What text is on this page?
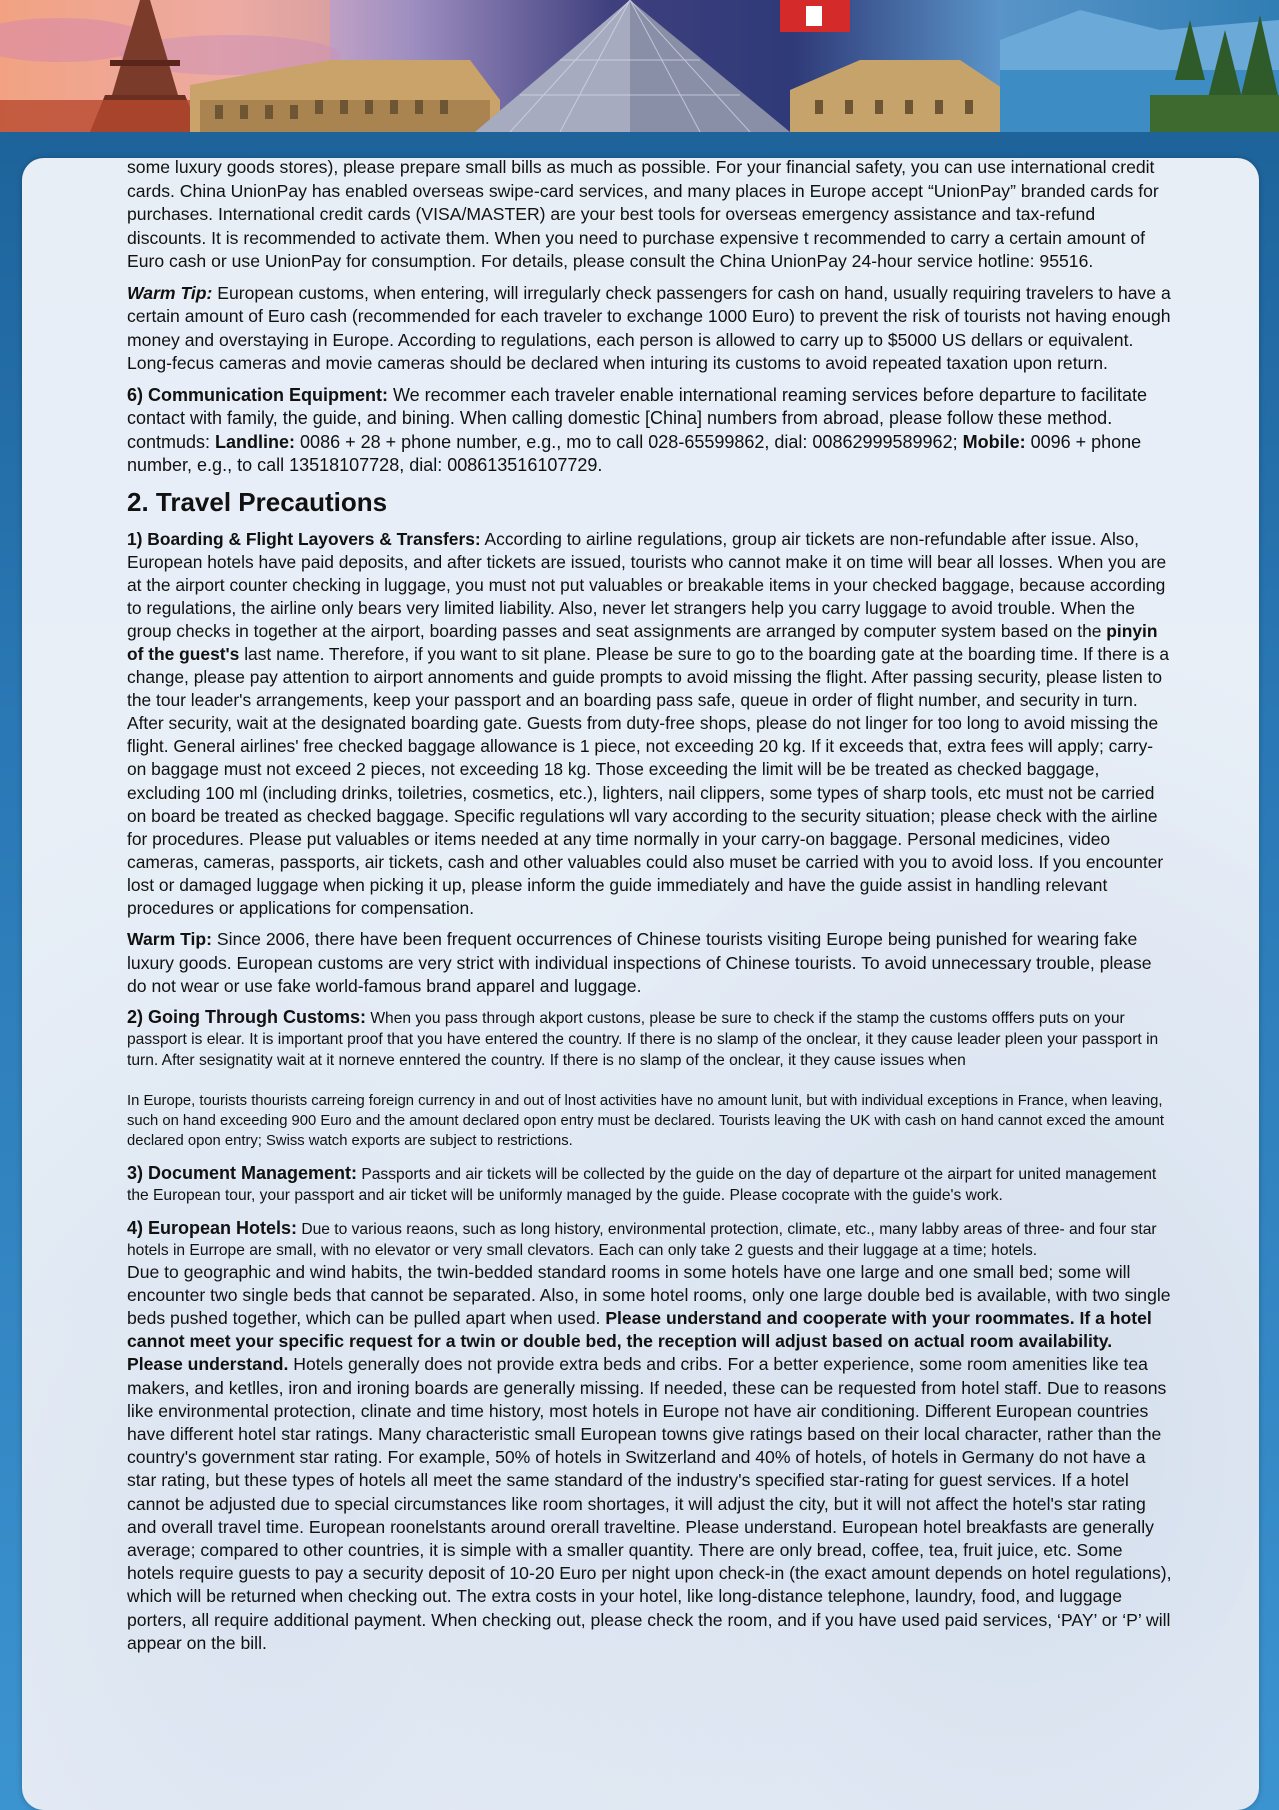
some luxury goods stores), please prepare small bills as much as possible. For your financial safety, you can use international credit cards. China UnionPay has enabled overseas swipe-card services, and many places in Europe accept “UnionPay” branded cards for purchases. International credit cards (VISA/MASTER) are your best tools for overseas emergency assistance and tax-refund discounts. It is recommended to activate them. When you need to purchase expensive t recommended to carry a certain amount of Euro cash or use UnionPay for consumption. For details, please consult the China UnionPay 24-hour service hotline: 95516.

Warm Tip: European customs, when entering, will irregularly check passengers for cash on hand, usually requiring travelers to have a certain amount of Euro cash (recommended for each traveler to exchange 1000 Euro) to prevent the risk of tourists not having enough money and overstaying in Europe. According to regulations, each person is allowed to carry up to $5000 US dellars or equivalent. Long-fecus cameras and movie cameras should be declared when inturing its customs to avoid repeated taxation upon return.

6) Communication Equipment: We recommer each traveler enable international reaming services before departure to facilitate contact with family, the guide, and bining. When calling domestic [China] numbers from abroad, please follow these method. contmuds: Landline: 0086 + 28 + phone number, e.g., mo to call 028-65599862, dial: 00862999589962; Mobile: 0096 + phone number, e.g., to call 13518107728, dial: 008613516107729.

2. Travel Precautions

1) Boarding & Flight Layovers & Transfers: According to airline regulations, group air tickets are non-refundable after issue. Also, European hotels have paid deposits, and after tickets are issued, tourists who cannot make it on time will bear all losses. When you are at the airport counter checking in luggage, you must not put valuables or breakable items in your checked baggage, because according to regulations, the airline only bears very limited liability. Also, never let strangers help you carry luggage to avoid trouble. When the group checks in together at the airport, boarding passes and seat assignments are arranged by computer system based on the pinyin of the guest's last name. Therefore, if you want to sit plane. Please be sure to go to the boarding gate at the boarding time. If there is a change, please pay attention to airport annoments and guide prompts to avoid missing the flight. After passing security, please listen to the tour leader's arrangements, keep your passport and an boarding pass safe, queue in order of flight number, and security in turn. After security, wait at the designated boarding gate. Guests from duty-free shops, please do not linger for too long to avoid missing the flight. General airlines' free checked baggage allowance is 1 piece, not exceeding 20 kg. If it exceeds that, extra fees will apply; carry-on baggage must not exceed 2 pieces, not exceeding 18 kg. Those exceeding the limit will be be treated as checked baggage, excluding 100 ml (including drinks, toiletries, cosmetics, etc.), lighters, nail clippers, some types of sharp tools, etc must not be carried on board be treated as checked baggage. Specific regulations wll vary according to the security situation; please check with the airline for procedures. Please put valuables or items needed at any time normally in your carry-on baggage. Personal medicines, video cameras, cameras, passports, air tickets, cash and other valuables could also muset be carried with you to avoid loss. If you encounter lost or damaged luggage when picking it up, please inform the guide immediately and have the guide assist in handling relevant procedures or applications for compensation.

Warm Tip: Since 2006, there have been frequent occurrences of Chinese tourists visiting Europe being punished for wearing fake luxury goods. European customs are very strict with individual inspections of Chinese tourists. To avoid unnecessary trouble, please do not wear or use fake world-famous brand apparel and luggage.

2) Going Through Customs: When you pass through akport custons, please be sure to check if the stamp the customs offfers puts on your passport is elear. It is important proof that you have entered the country. If there is no slamp of the onclear, it they cause leader pleen your passport in turn. After sesignatity wait at it norneve enntered the country. If there is no slamp of the onclear, it they cause issues when

In Europe, tourists thourists carreing foreign currency in and out of lnost activities have no amount lunit, but with individual exceptions in France, when leaving, such on hand exceeding 900 Euro and the amount declared opon entry must be declared. Tourists leaving the UK with cash on hand cannot exced the amount declared opon entry; Swiss watch exports are subject to restrictions.

3) Document Management: Passports and air tickets will be collected by the guide on the day of departure ot the airpart for united management the European tour, your passport and air ticket will be uniformly managed by the guide. Please cocoprate with the guide's work.

4) European Hotels: Due to various reaons, such as long history, environmental protection, climate, etc., many labby areas of three- and four star hotels in Eurrope are small, with no elevator or very small clevators. Each can only take 2 guests and their luggage at a time; hotels.

Due to geographic and wind habits, the twin-bedded standard rooms in some hotels have one large and one small bed; some will encounter two single beds that cannot be separated. Also, in some hotel rooms, only one large double bed is available, with two single beds pushed together, which can be pulled apart when used. Please understand and cooperate with your roommates. If a hotel cannot meet your specific request for a twin or double bed, the reception will adjust based on actual room availability. Please understand. Hotels generally does not provide extra beds and cribs. For a better experience, some room amenities like tea makers, and ketlles, iron and ironing boards are generally missing. If needed, these can be requested from hotel staff. Due to reasons like environmental protection, clinate and time history, most hotels in Europe not have air conditioning. Different European countries have different hotel star ratings. Many characteristic small European towns give ratings based on their local character, rather than the country's government star rating. For example, 50% of hotels in Switzerland and 40% of hotels, of hotels in Germany do not have a star rating, but these types of hotels all meet the same standard of the industry's specified star-rating for guest services. If a hotel cannot be adjusted due to special circumstances like room shortages, it will adjust the city, but it will not affect the hotel's star rating and overall travel time. European roonelstants around orerall traveltine. Please understand. European hotel breakfasts are generally average; compared to other countries, it is simple with a smaller quantity. There are only bread, coffee, tea, fruit juice, etc. Some hotels require guests to pay a security deposit of 10-20 Euro per night upon check-in (the exact amount depends on hotel regulations), which will be returned when checking out. The extra costs in your hotel, like long-distance telephone, laundry, food, and luggage porters, all require additional payment. When checking out, please check the room, and if you have used paid services, ‘PAY’ or ‘P’ will appear on the bill.
